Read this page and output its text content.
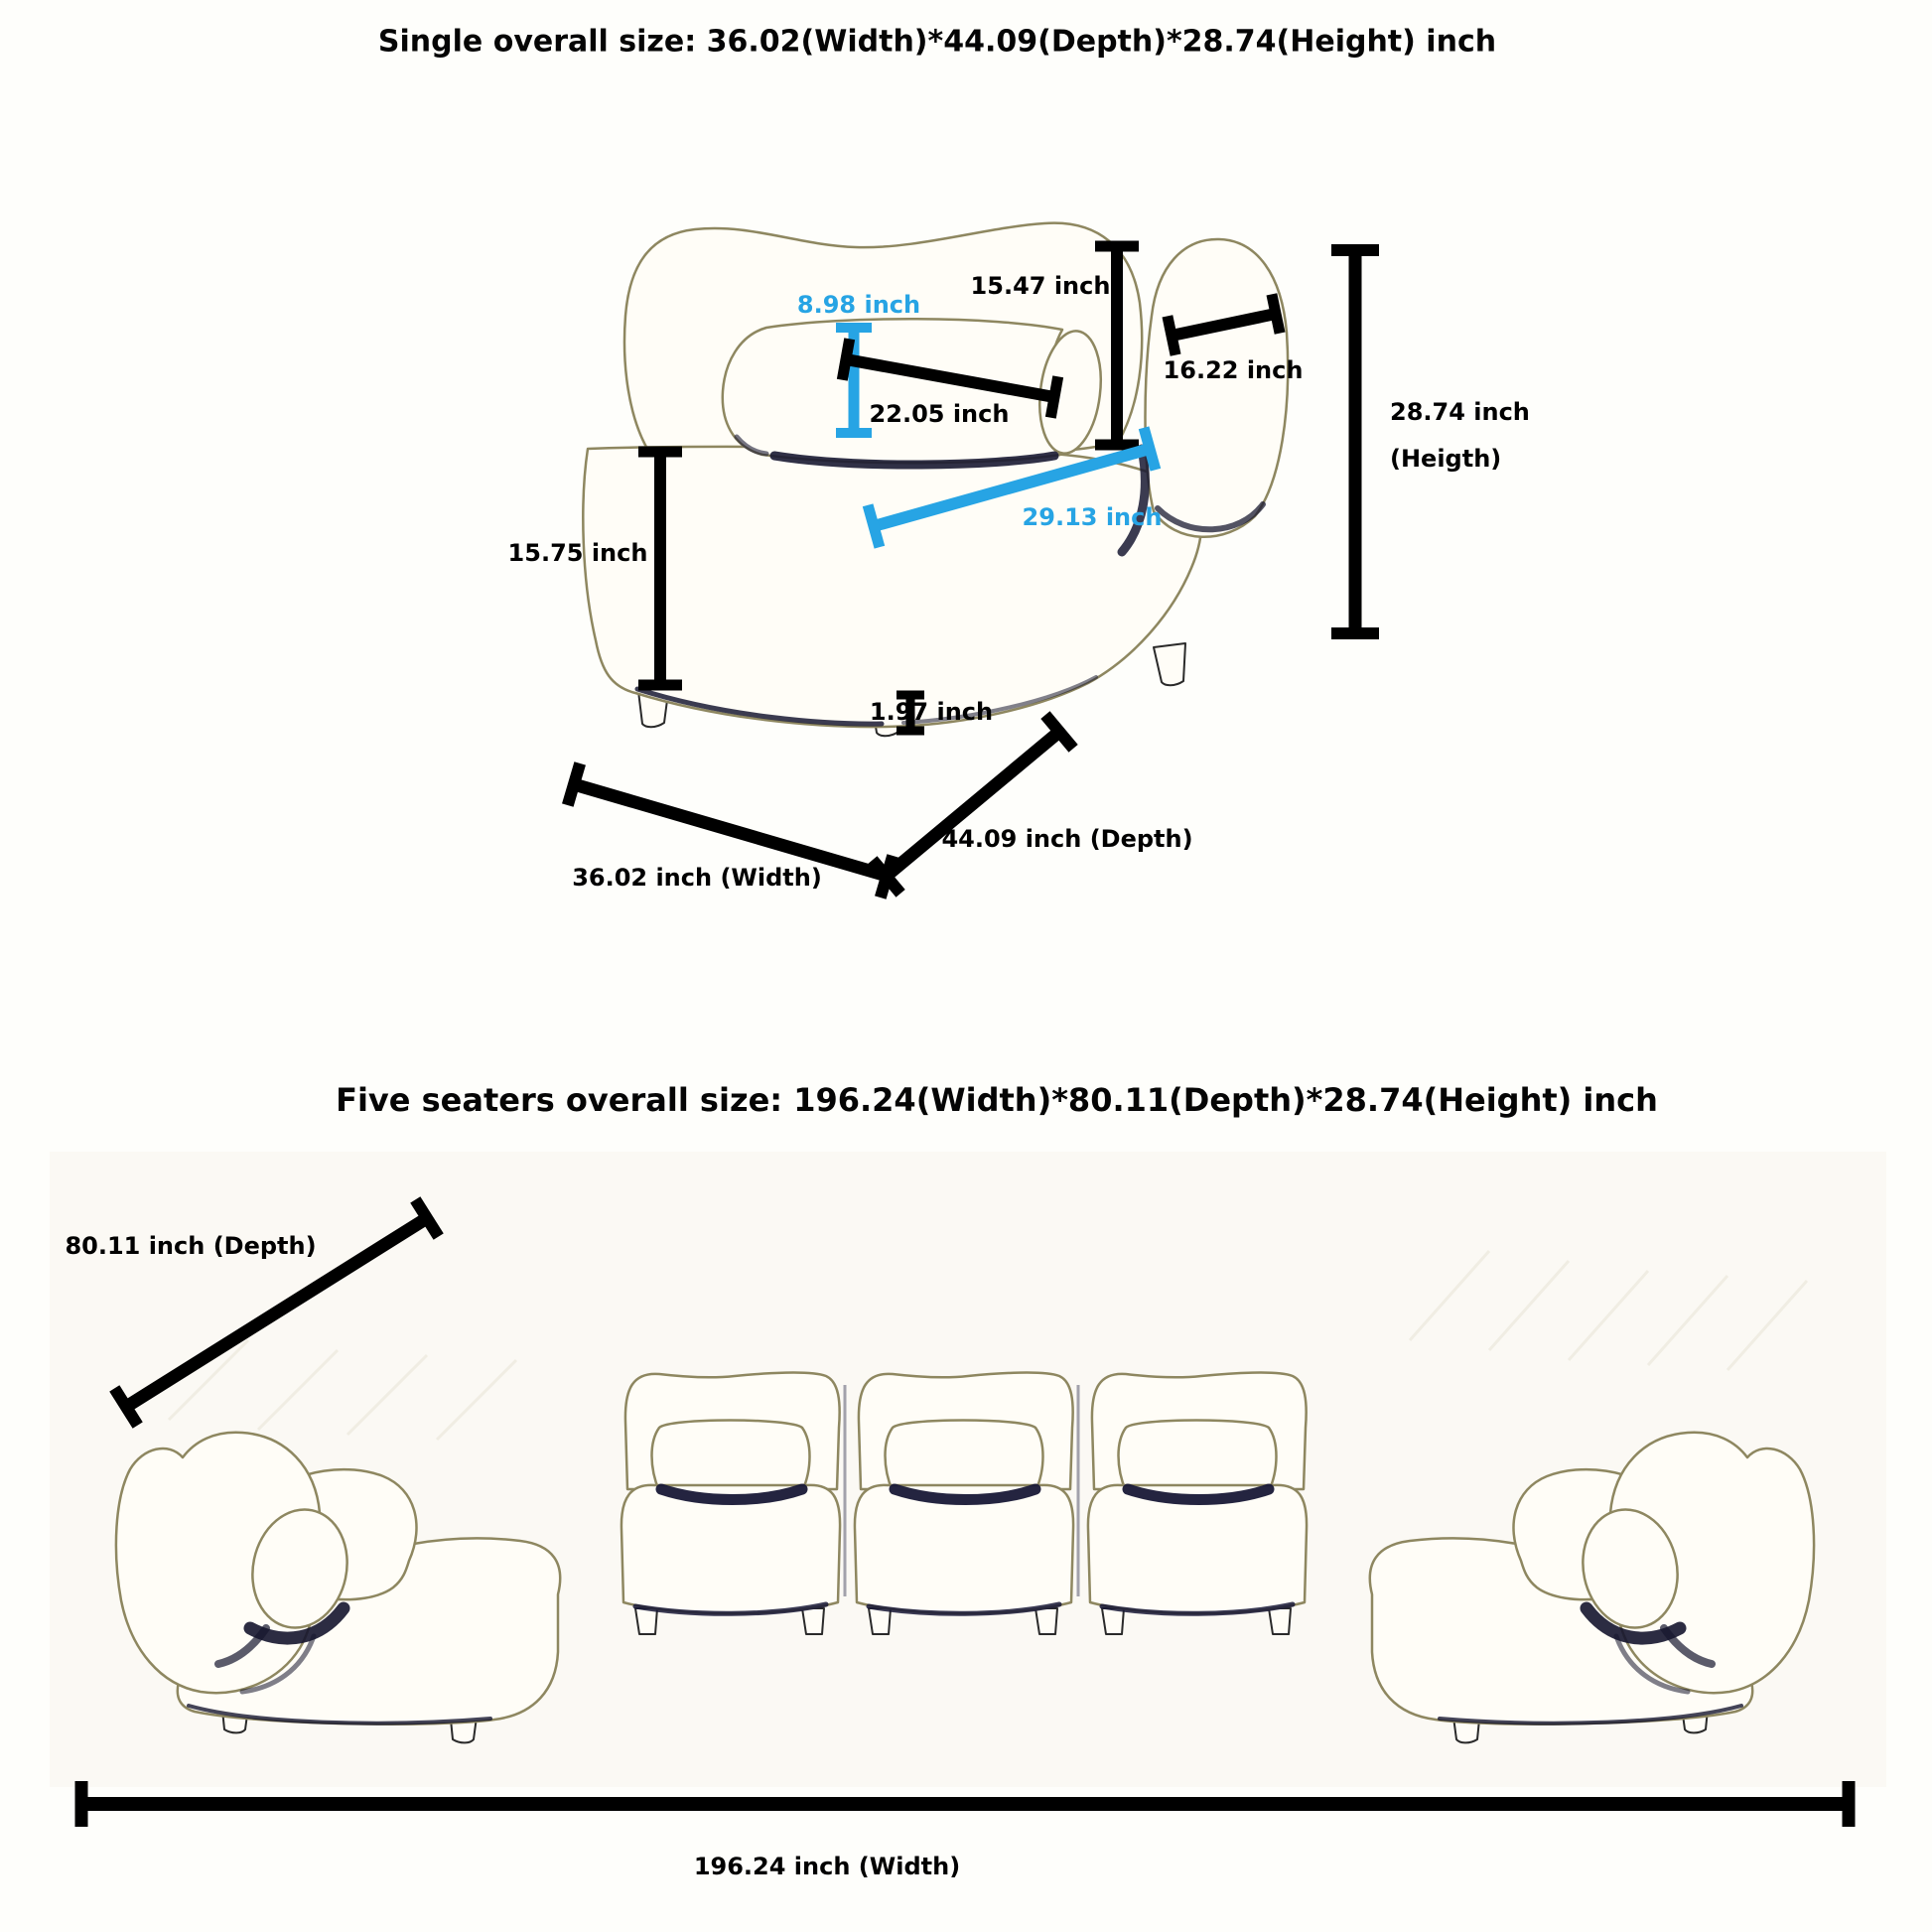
Single overall size: 36.02(Width)*44.09(Depth)*28.74(Height) inch
8.98 inch
15.47 inch
22.05 inch
16.22 inch
29.13 inch
15.75 inch
1.97 inch
28.74 inch
(Heigth)
36.02 inch (Width)
44.09 inch (Depth)
Five seaters overall size: 196.24(Width)*80.11(Depth)*28.74(Height) inch
80.11 inch (Depth)
196.24 inch (Width)
